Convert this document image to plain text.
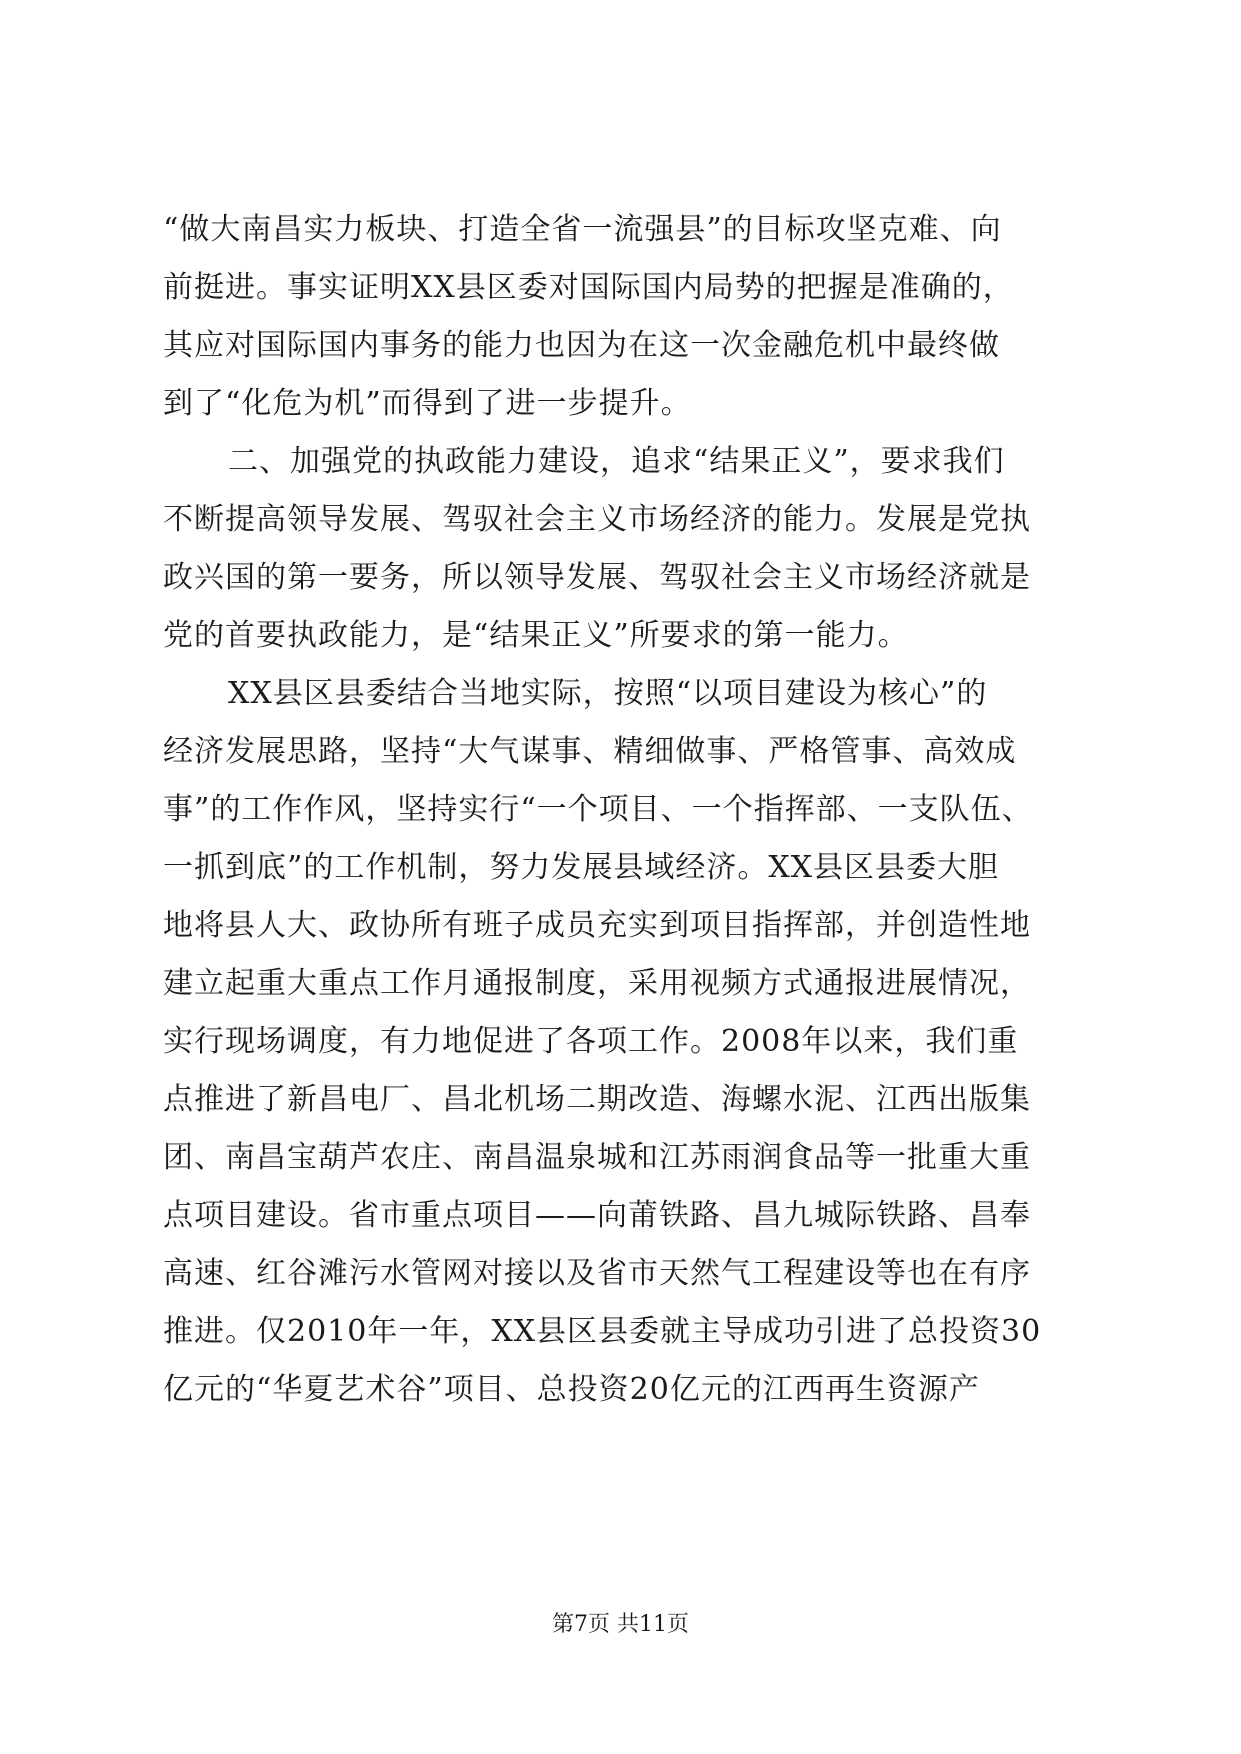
“做大南昌实力板块、打造全省一流强县”的目标攻坚克难、向
前挺进。事实证明XX县区委对国际国内局势的把握是准确的，
其应对国际国内事务的能力也因为在这一次金融危机中最终做
到了“化危为机”而得到了进一步提升。
二、加强党的执政能力建设，追求“结果正义”，要求我们
不断提高领导发展、驾驭社会主义市场经济的能力。发展是党执
政兴国的第一要务，所以领导发展、驾驭社会主义市场经济就是
党的首要执政能力，是“结果正义”所要求的第一能力。
XX县区县委结合当地实际，按照“以项目建设为核心”的
经济发展思路，坚持“大气谋事、精细做事、严格管事、高效成
事”的工作作风，坚持实行“一个项目、一个指挥部、一支队伍、
一抓到底”的工作机制，努力发展县域经济。XX县区县委大胆
地将县人大、政协所有班子成员充实到项目指挥部，并创造性地
建立起重大重点工作月通报制度，采用视频方式通报进展情况，
实行现场调度，有力地促进了各项工作。2008年以来，我们重
点推进了新昌电厂、昌北机场二期改造、海螺水泥、江西出版集
团、南昌宝葫芦农庄、南昌温泉城和江苏雨润食品等一批重大重
点项目建设。省市重点项目——向莆铁路、昌九城际铁路、昌奉
高速、红谷滩污水管网对接以及省市天然气工程建设等也在有序
推进。仅2010年一年，XX县区县委就主导成功引进了总投资30
亿元的“华夏艺术谷”项目、总投资20亿元的江西再生资源产
第7页 共11页
